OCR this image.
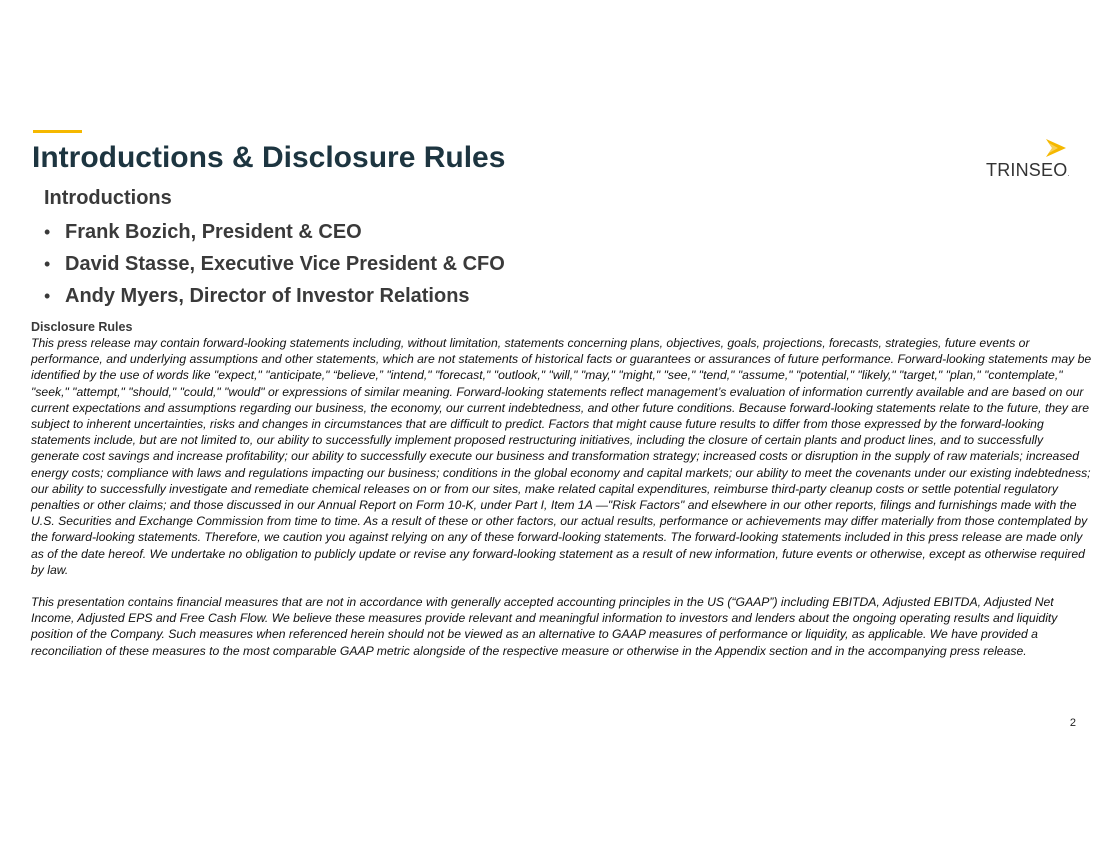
Introductions & Disclosure Rules	TRINSEO.
Introductions
• Frank Bozich, President & CEO
• David Stasse, Executive Vice President & CFO
• Andy Myers, Director of Investor Relations
Disclosure Rules

This press release may contain forward-looking statements including, without limitation, statements concerning plans, objectives, goals, projections, forecasts, strategies, future events or performance, and underlying assumptions and other statements, which are not statements of historical facts or guarantees or assurances of future performance. Forward-looking statements may be identified by the use of words like "expect," "anticipate," “believe,” "intend," "forecast," "outlook," "will," "may," "might," "see," "tend," "assume," "potential," "likely," "target," "plan," "contemplate," "seek," "attempt," "should," "could," "would" or expressions of similar meaning. Forward-looking statements reflect management’s evaluation of information currently available and are based on our current expectations and assumptions regarding our business, the economy, our current indebtedness, and other future conditions. Because forward-looking statements relate to the future, they are subject to inherent uncertainties, risks and changes in circumstances that are difficult to predict. Factors that might cause future results to differ from those expressed by the forward-looking statements include, but are not limited to, our ability to successfully implement proposed restructuring initiatives, including the closure of certain plants and product lines, and to successfully generate cost savings and increase profitability; our ability to successfully execute our business and transformation strategy; increased costs or disruption in the supply of raw materials; increased energy costs; compliance with laws and regulations impacting our business; conditions in the global economy and capital markets; our ability to meet the covenants under our existing indebtedness; our ability to successfully investigate and remediate chemical releases on or from our sites, make related capital expenditures, reimburse third-party cleanup costs or settle potential regulatory penalties or other claims; and those discussed in our Annual Report on Form 10-K, under Part I, Item 1A —"Risk Factors" and elsewhere in our other reports, filings and furnishings made with the U.S. Securities and Exchange Commission from time to time. As a result of these or other factors, our actual results, performance or achievements may differ materially from those contemplated by the forward-looking statements. Therefore, we caution you against relying on any of these forward-looking statements. The forward-looking statements included in this press release are made only as of the date hereof. We undertake no obligation to publicly update or revise any forward-looking statement as a result of new information, future events or otherwise, except as otherwise required by law.

This presentation contains financial measures that are not in accordance with generally accepted accounting principles in the US (“GAAP”) including EBITDA, Adjusted EBITDA, Adjusted Net Income, Adjusted EPS and Free Cash Flow. We believe these measures provide relevant and meaningful information to investors and lenders about the ongoing operating results and liquidity position of the Company. Such measures when referenced herein should not be viewed as an alternative to GAAP measures of performance or liquidity, as applicable. We have provided a reconciliation of these measures to the most comparable GAAP metric alongside of the respective measure or otherwise in the Appendix section and in the accompanying press release.

2
